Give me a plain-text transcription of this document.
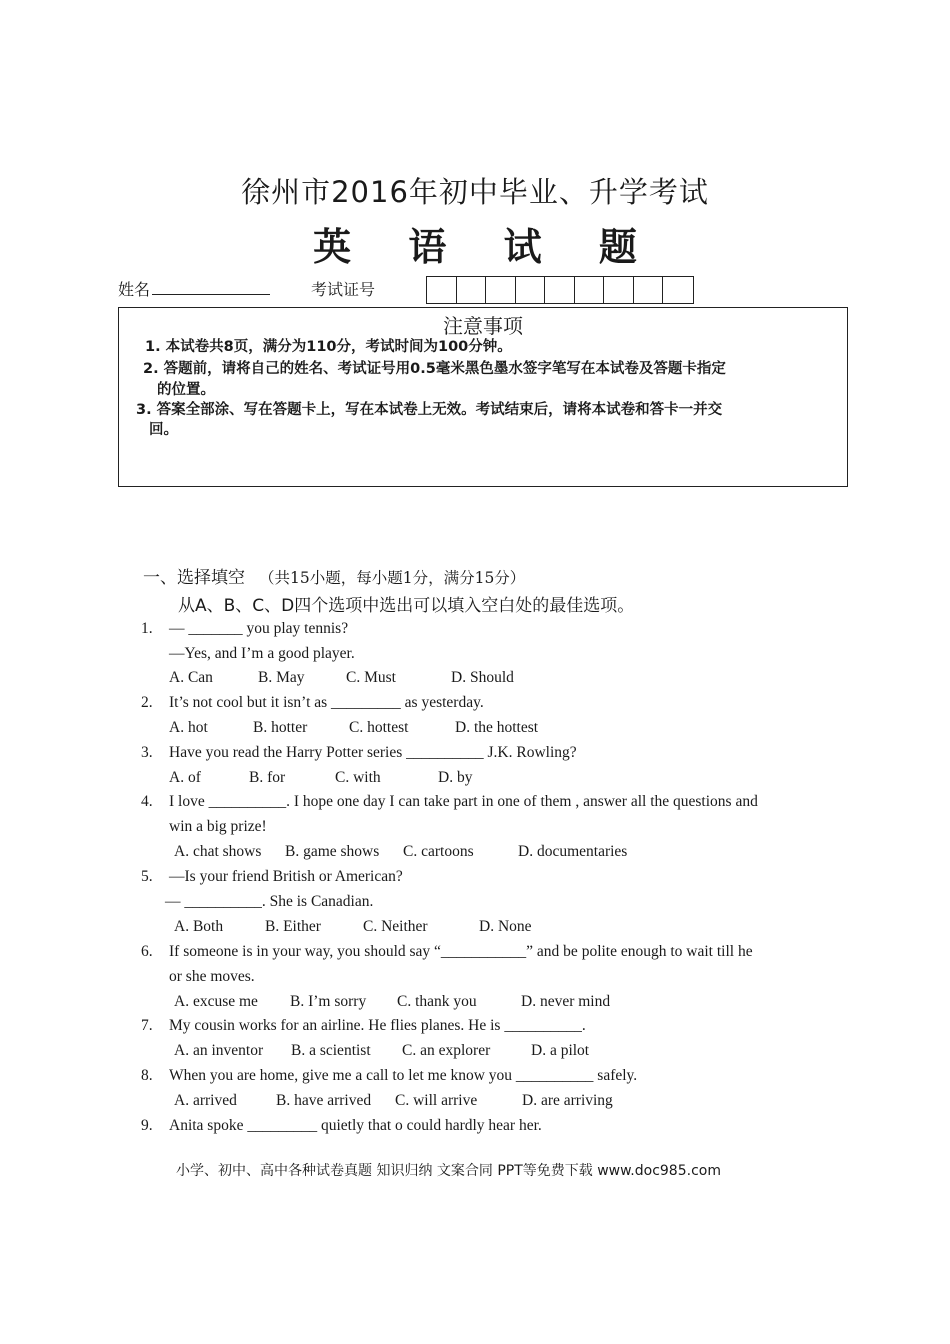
徐州市2016年初中毕业、升学考试
英 语 试 题
姓名	考试证号
注意事项
1. 本试卷共8页，满分为110分，考试时间为100分钟。
2. 答题前，请将自己的姓名、考试证号用0.5毫米黑色墨水签字笔写在本试卷及答题卡指定
的位置。
3. 答案全部涂、写在答题卡上，写在本试卷上无效。考试结束后，请将本试卷和答卡一并交
回。
一、选择填空 （共15小题，每小题1分，满分15分）
从A、B、C、D四个选项中选出可以填入空白处的最佳选项。
1. — _______ you play tennis?
—Yes, and I’m a good player.
A. Can	B. May	C. Must	D. Should
2. It’s not cool but it isn’t as _________ as yesterday.
A. hot	B. hotter	C. hottest	D. the hottest
3. Have you read the Harry Potter series __________ J.K. Rowling?
A. of	B. for	C. with	D. by
4. I love __________. I hope one day I can take part in one of them , answer all the questions and
win a big prize!
A. chat shows B. game shows C. cartoons	D. documentaries
5. —Is your friend British or American?
— __________. She is Canadian.
A. Both	B. Either	C. Neither	D. None
6. If someone is in your way, you should say “___________” and be polite enough to wait till he
or she moves.
A. excuse me B. I’m sorry C. thank you	D. never mind
7. My cousin works for an airline. He flies planes. He is __________.
A. an inventor B. a scientist C. an explorer	D. a pilot
8. When you are home, give me a call to let me know you __________ safely.
A. arrived	B. have arrived C. will arrive	D. are arriving
9. Anita spoke _________ quietly that o could hardly hear her.
小学、初中、高中各种试卷真题 知识归纳 文案合同 PPT等免费下载 www.doc985.com
